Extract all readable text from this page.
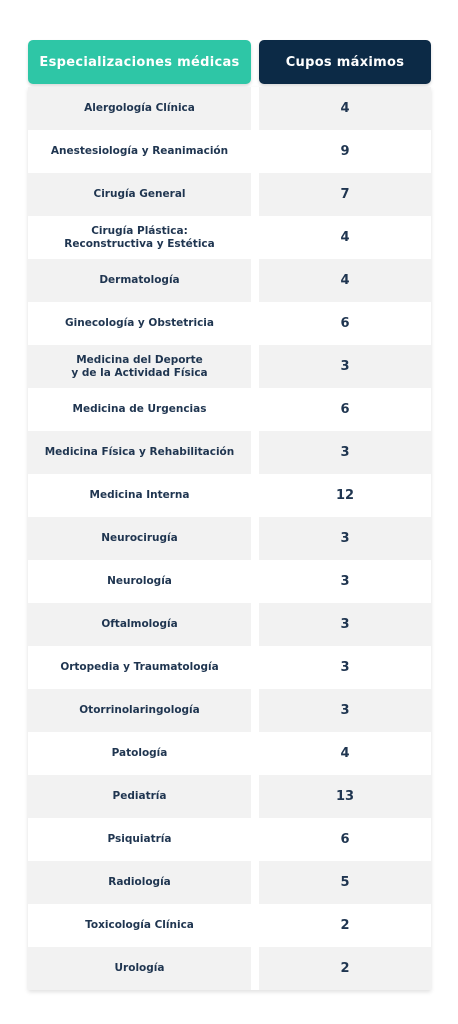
Especializaciones médicas	Cupos máximos
Alergología Clínica	4
Anestesiología y Reanimación	9
Cirugía General	7
Cirugía Plástica:
Reconstructiva y Estética	4
Dermatología	4
Ginecología y Obstetricia	6
Medicina del Deporte
y de la Actividad Física	3
Medicina de Urgencias	6
Medicina Física y Rehabilitación	3
Medicina Interna	12
Neurocirugía	3
Neurología	3
Oftalmología	3
Ortopedia y Traumatología	3
Otorrinolaringología	3
Patología	4
Pediatría	13
Psiquiatría	6
Radiología	5
Toxicología Clínica	2
Urología	2
